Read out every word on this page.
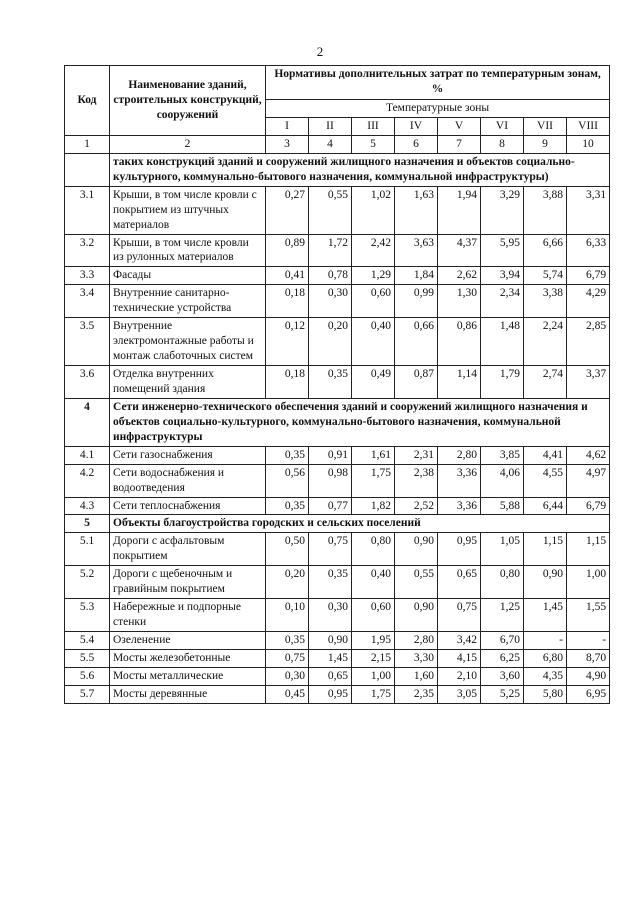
2
Код	Наименование зданий, строительных конструкций, сооружений	Нормативы дополнительных затрат по температурным зонам, %							
		Температурные зоны							
		I	II	III	IV	V	VI	VII	VIII
1	2	3	4	5	6	7	8	9	10
	таких конструкций зданий и сооружений жилищного назначения и объектов социально-культурного, коммунально-бытового назначения, коммунальной инфраструктуры)								
3.1	Крыши, в том числе кровли с покрытием из штучных материалов	0,27	0,55	1,02	1,63	1,94	3,29	3,88	3,31
3.2	Крыши, в том числе кровли из рулонных материалов	0,89	1,72	2,42	3,63	4,37	5,95	6,66	6,33
3.3	Фасады	0,41	0,78	1,29	1,84	2,62	3,94	5,74	6,79
3.4	Внутренние санитарно-технические устройства	0,18	0,30	0,60	0,99	1,30	2,34	3,38	4,29
3.5	Внутренние электромонтажные работы и монтаж слаботочных систем	0,12	0,20	0,40	0,66	0,86	1,48	2,24	2,85
3.6	Отделка внутренних помещений здания	0,18	0,35	0,49	0,87	1,14	1,79	2,74	3,37
4	Сети инженерно-технического обеспечения зданий и сооружений жилищного назначения и объектов социально-культурного, коммунально-бытового назначения, коммунальной инфраструктуры								
4.1	Сети газоснабжения	0,35	0,91	1,61	2,31	2,80	3,85	4,41	4,62
4.2	Сети водоснабжения и водоотведения	0,56	0,98	1,75	2,38	3,36	4,06	4,55	4,97
4.3	Сети теплоснабжения	0,35	0,77	1,82	2,52	3,36	5,88	6,44	6,79
5	Объекты благоустройства городских и сельских поселений								
5.1	Дороги с асфальтовым покрытием	0,50	0,75	0,80	0,90	0,95	1,05	1,15	1,15
5.2	Дороги с щебеночным и гравийным покрытием	0,20	0,35	0,40	0,55	0,65	0,80	0,90	1,00
5.3	Набережные и подпорные стенки	0,10	0,30	0,60	0,90	0,75	1,25	1,45	1,55
5.4	Озеленение	0,35	0,90	1,95	2,80	3,42	6,70	-	-
5.5	Мосты железобетонные	0,75	1,45	2,15	3,30	4,15	6,25	6,80	8,70
5.6	Мосты металлические	0,30	0,65	1,00	1,60	2,10	3,60	4,35	4,90
5.7	Мосты деревянные	0,45	0,95	1,75	2,35	3,05	5,25	5,80	6,95
